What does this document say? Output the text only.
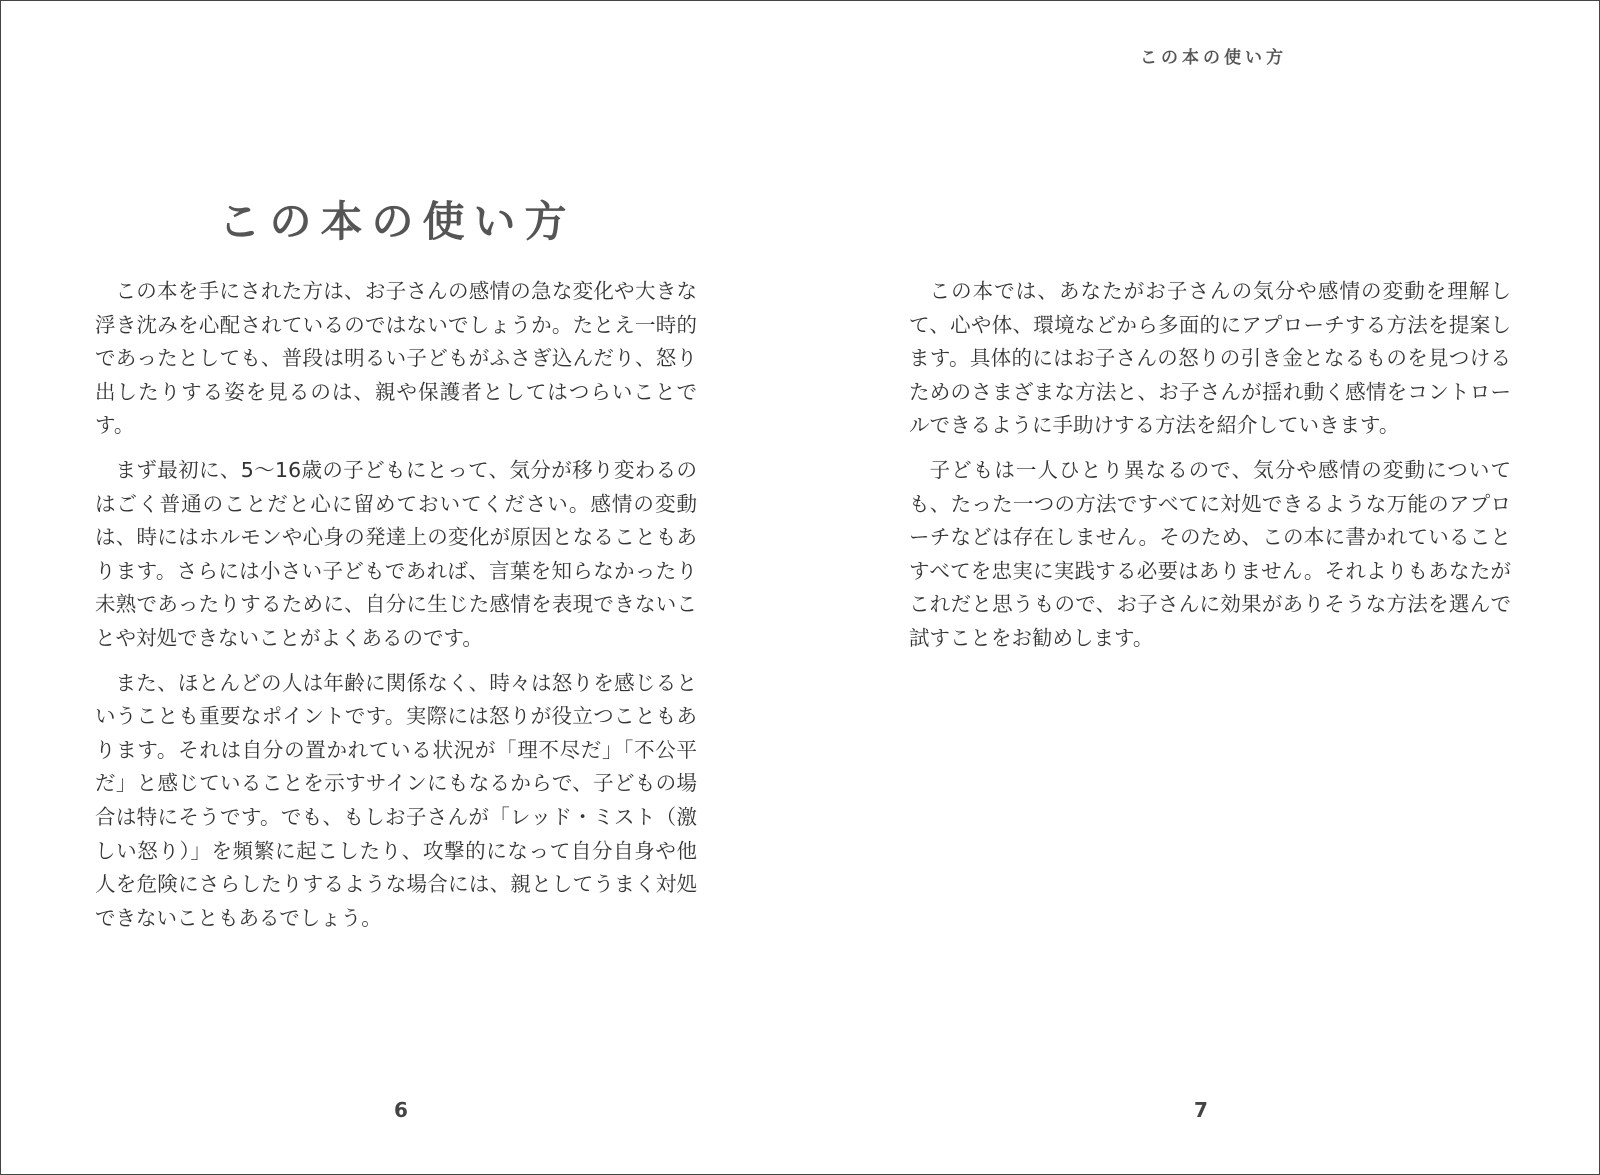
この本の使い方

この本を手にされた方は、お子さんの感情の急な変化や大きな浮き沈みを心配されているのではないでしょうか。たとえ一時的であったとしても、普段は明るい子どもがふさぎ込んだり、怒り出したりする姿を見るのは、親や保護者としてはつらいことです。

まず最初に、5〜16歳の子どもにとって、気分が移り変わるのはごく普通のことだと心に留めておいてください。感情の変動は、時にはホルモンや心身の発達上の変化が原因となることもあります。さらには小さい子どもであれば、言葉を知らなかったり未熟であったりするために、自分に生じた感情を表現できないことや対処できないことがよくあるのです。

また、ほとんどの人は年齢に関係なく、時々は怒りを感じるということも重要なポイントです。実際には怒りが役立つこともあります。それは自分の置かれている状況が「理不尽だ」「不公平だ」と感じていることを示すサインにもなるからで、子どもの場合は特にそうです。でも、もしお子さんが「レッド・ミスト（激しい怒り）」を頻繁に起こしたり、攻撃的になって自分自身や他人を危険にさらしたりするような場合には、親としてうまく対処できないこともあるでしょう。

6
この本の使い方

この本では、あなたがお子さんの気分や感情の変動を理解して、心や体、環境などから多面的にアプローチする方法を提案します。具体的にはお子さんの怒りの引き金となるものを見つけるためのさまざまな方法と、お子さんが揺れ動く感情をコントロールできるように手助けする方法を紹介していきます。

子どもは一人ひとり異なるので、気分や感情の変動についても、たった一つの方法ですべてに対処できるような万能のアプローチなどは存在しません。そのため、この本に書かれていることすべてを忠実に実践する必要はありません。それよりもあなたがこれだと思うもので、お子さんに効果がありそうな方法を選んで試すことをお勧めします。

7
